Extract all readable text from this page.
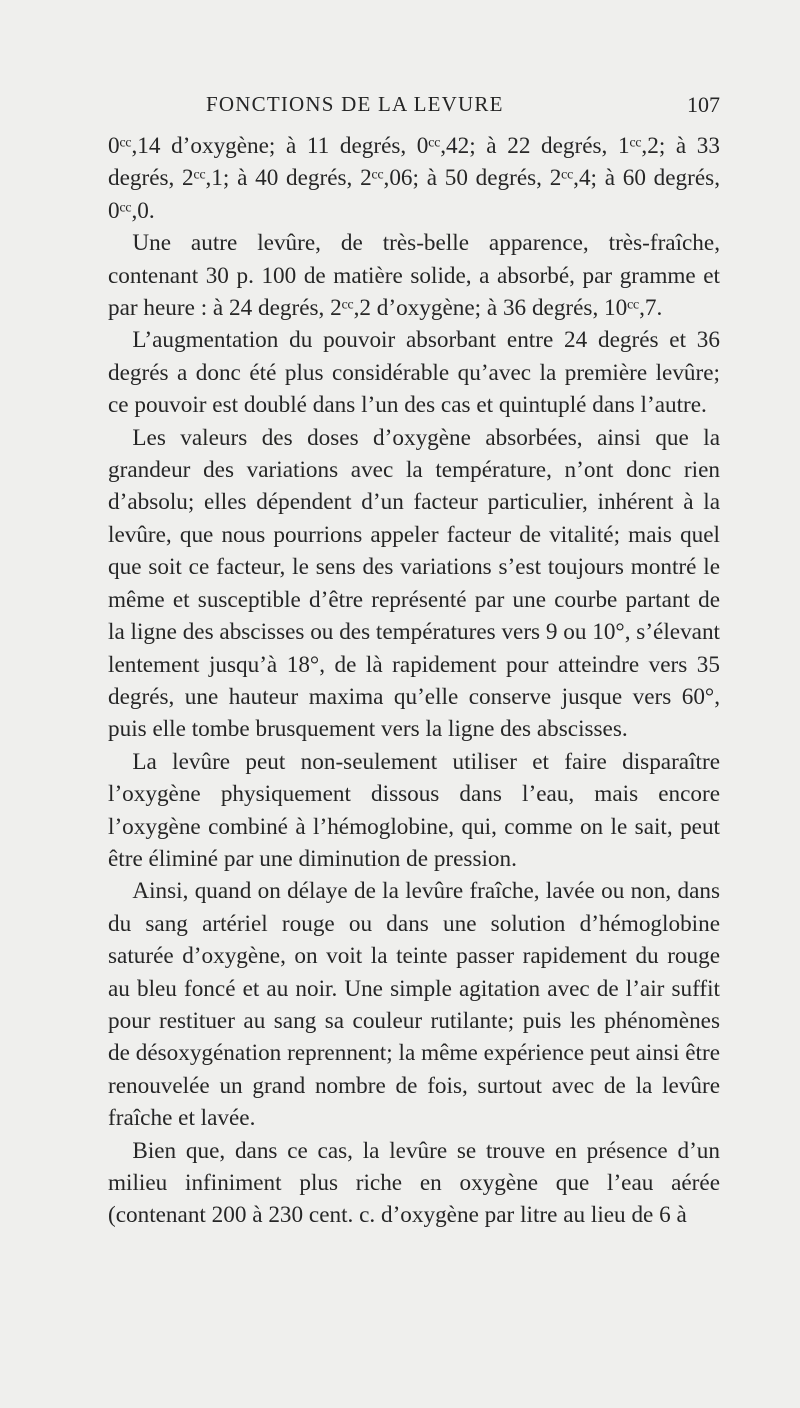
FONCTIONS DE LA LEVURE	107

0ᶜᶜ,14 d’oxygène; à 11 degrés, 0ᶜᶜ,42; à 22 degrés, 1ᶜᶜ,2; à 33 degrés, 2ᶜᶜ,1; à 40 degrés, 2ᶜᶜ,06; à 50 degrés, 2ᶜᶜ,4; à 60 degrés, 0ᶜᶜ,0.

Une autre levûre, de très-belle apparence, très-fraîche, contenant 30 p. 100 de matière solide, a absorbé, par gramme et par heure : à 24 degrés, 2ᶜᶜ,2 d’oxygène; à 36 degrés, 10ᶜᶜ,7.

L’augmentation du pouvoir absorbant entre 24 degrés et 36 degrés a donc été plus considérable qu’avec la première levûre; ce pouvoir est doublé dans l’un des cas et quintuplé dans l’autre.

Les valeurs des doses d’oxygène absorbées, ainsi que la grandeur des variations avec la température, n’ont donc rien d’absolu; elles dépendent d’un facteur particulier, inhérent à la levûre, que nous pourrions appeler facteur de vitalité; mais quel que soit ce facteur, le sens des variations s’est toujours montré le même et susceptible d’être représenté par une courbe partant de la ligne des abscisses ou des températures vers 9 ou 10°, s’élevant lentement jusqu’à 18°, de là rapidement pour atteindre vers 35 degrés, une hauteur maxima qu’elle conserve jusque vers 60°, puis elle tombe brusquement vers la ligne des abscisses.

La levûre peut non-seulement utiliser et faire disparaître l’oxygène physiquement dissous dans l’eau, mais encore l’oxygène combiné à l’hémoglobine, qui, comme on le sait, peut être éliminé par une diminution de pression.

Ainsi, quand on délaye de la levûre fraîche, lavée ou non, dans du sang artériel rouge ou dans une solution d’hémoglobine saturée d’oxygène, on voit la teinte passer rapidement du rouge au bleu foncé et au noir. Une simple agitation avec de l’air suffit pour restituer au sang sa couleur rutilante; puis les phénomènes de désoxygénation reprennent; la même expérience peut ainsi être renouvelée un grand nombre de fois, surtout avec de la levûre fraîche et lavée.

Bien que, dans ce cas, la levûre se trouve en présence d’un milieu infiniment plus riche en oxygène que l’eau aérée (contenant 200 à 230 cent. c. d’oxygène par litre au lieu de 6 à
